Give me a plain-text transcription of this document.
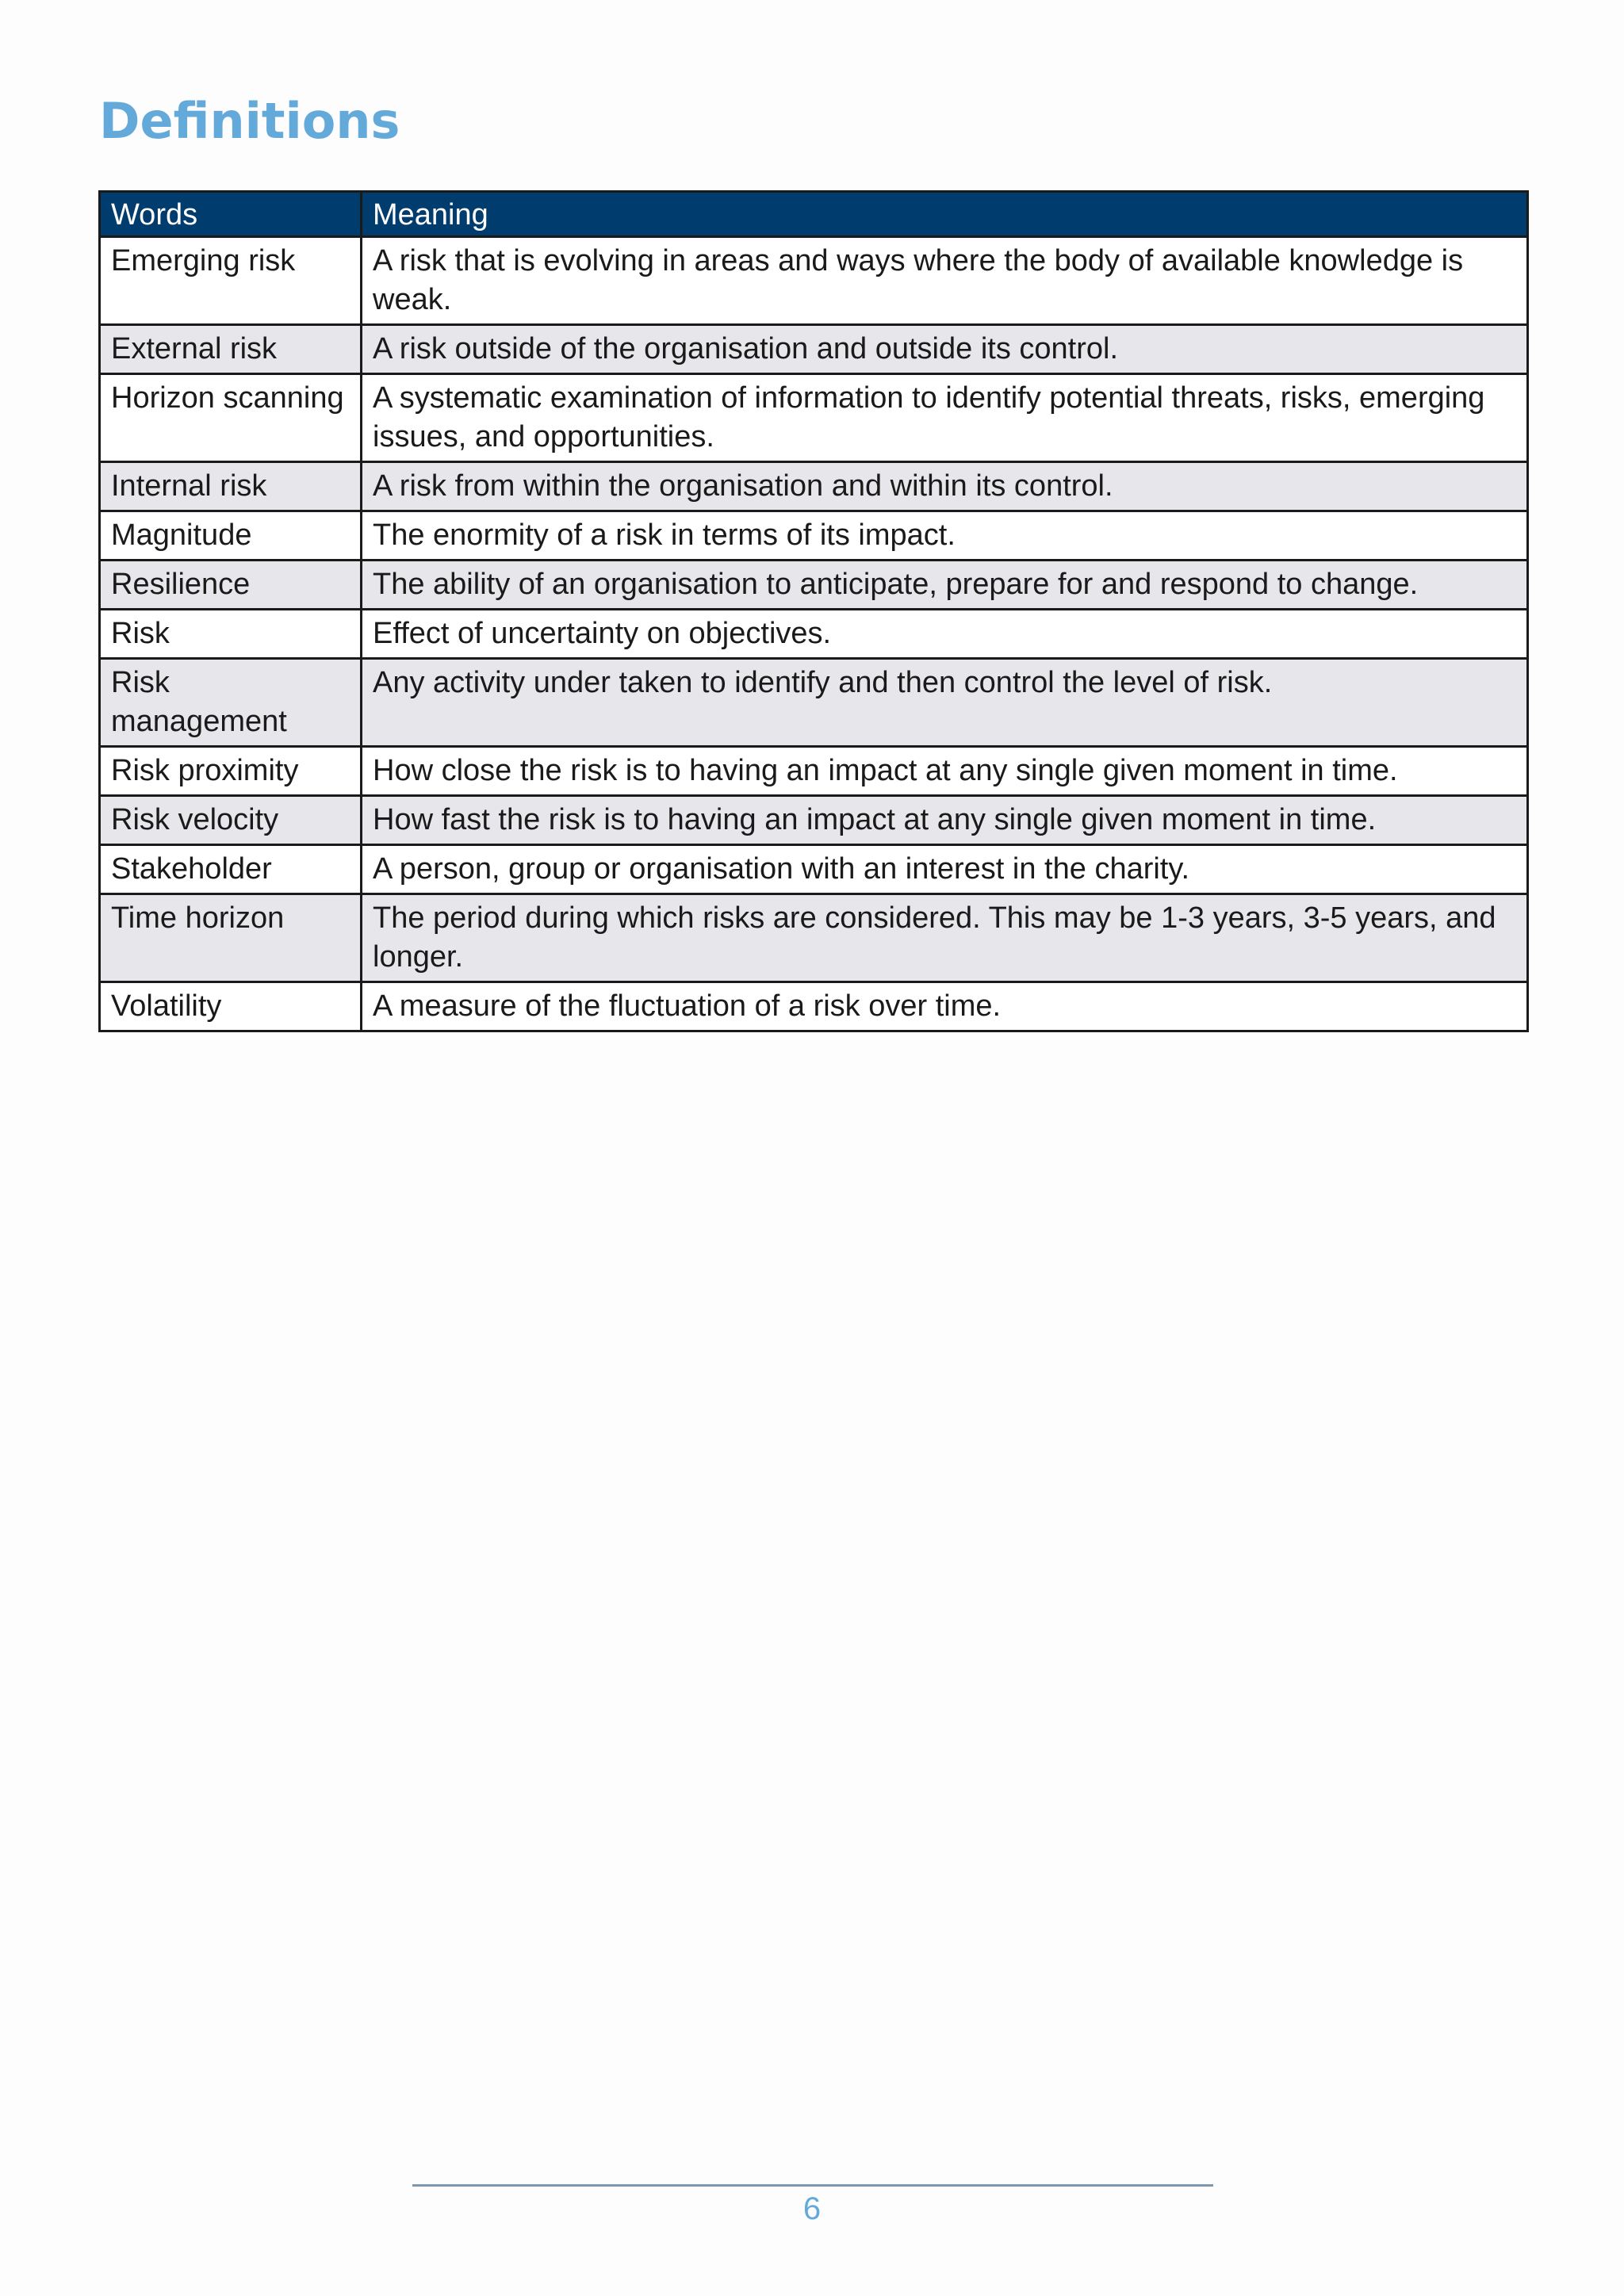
Definitions
Words	Meaning
Emerging risk	A risk that is evolving in areas and ways where the body of available knowledge is weak.
External risk	A risk outside of the organisation and outside its control.
Horizon scanning	A systematic examination of information to identify potential threats, risks, emerging issues, and opportunities.
Internal risk	A risk from within the organisation and within its control.
Magnitude	The enormity of a risk in terms of its impact.
Resilience	The ability of an organisation to anticipate, prepare for and respond to change.
Risk	Effect of uncertainty on objectives.
Risk management	Any activity under taken to identify and then control the level of risk.
Risk proximity	How close the risk is to having an impact at any single given moment in time.
Risk velocity	How fast the risk is to having an impact at any single given moment in time.
Stakeholder	A person, group or organisation with an interest in the charity.
Time horizon	The period during which risks are considered. This may be 1-3 years, 3-5 years, and longer.
Volatility	A measure of the fluctuation of a risk over time.
6
